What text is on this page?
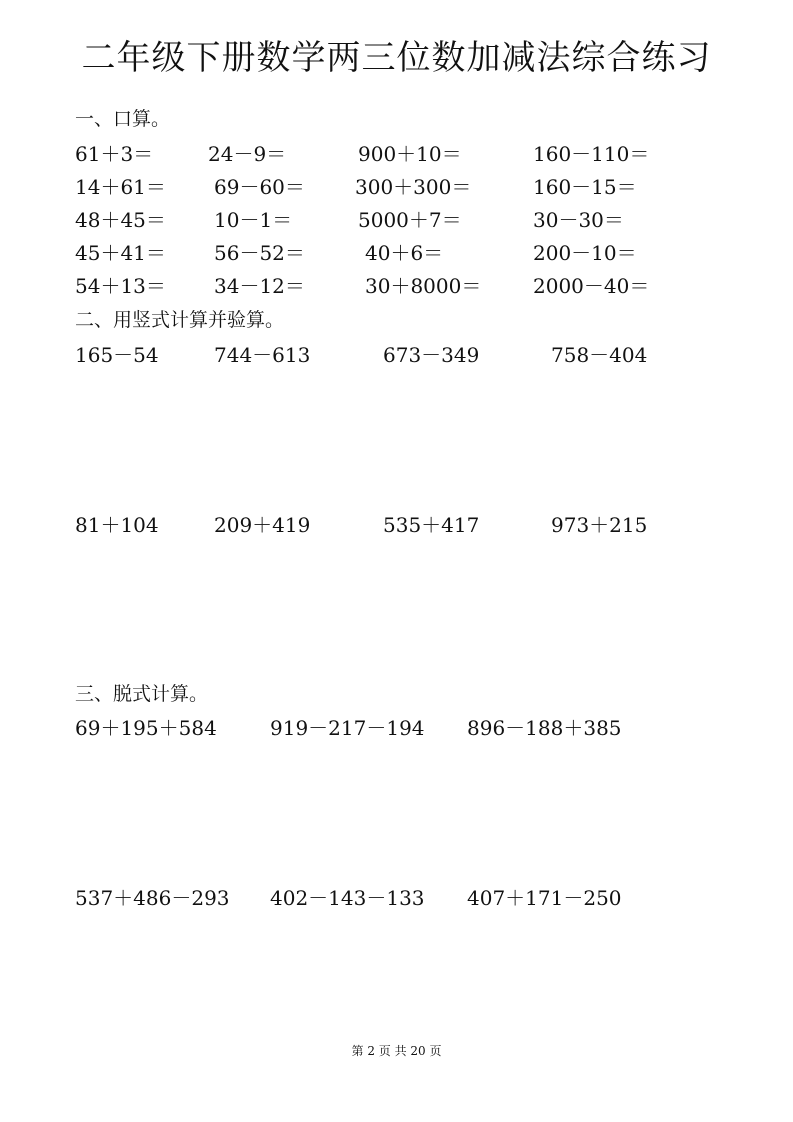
二年级下册数学两三位数加减法综合练习
一、口算。
61＋3＝	24－9＝	900＋10＝	160－110＝
14＋61＝ 69－60＝	300＋300＝	160－15＝
48＋45＝ 10－1＝	5000＋7＝	30－30＝
45＋41＝ 56－52＝	40＋6＝	200－10＝
54＋13＝ 34－12＝	30＋8000＝	2000－40＝
二、用竖式计算并验算。
165－54	744－613	673－349	758－404
81＋104	209＋419	535＋417	973＋215
三、脱式计算。
69＋195＋584	919－217－194 896－188＋385
537＋486－293 402－143－133 407＋171－250
第 2 页 共 20 页
